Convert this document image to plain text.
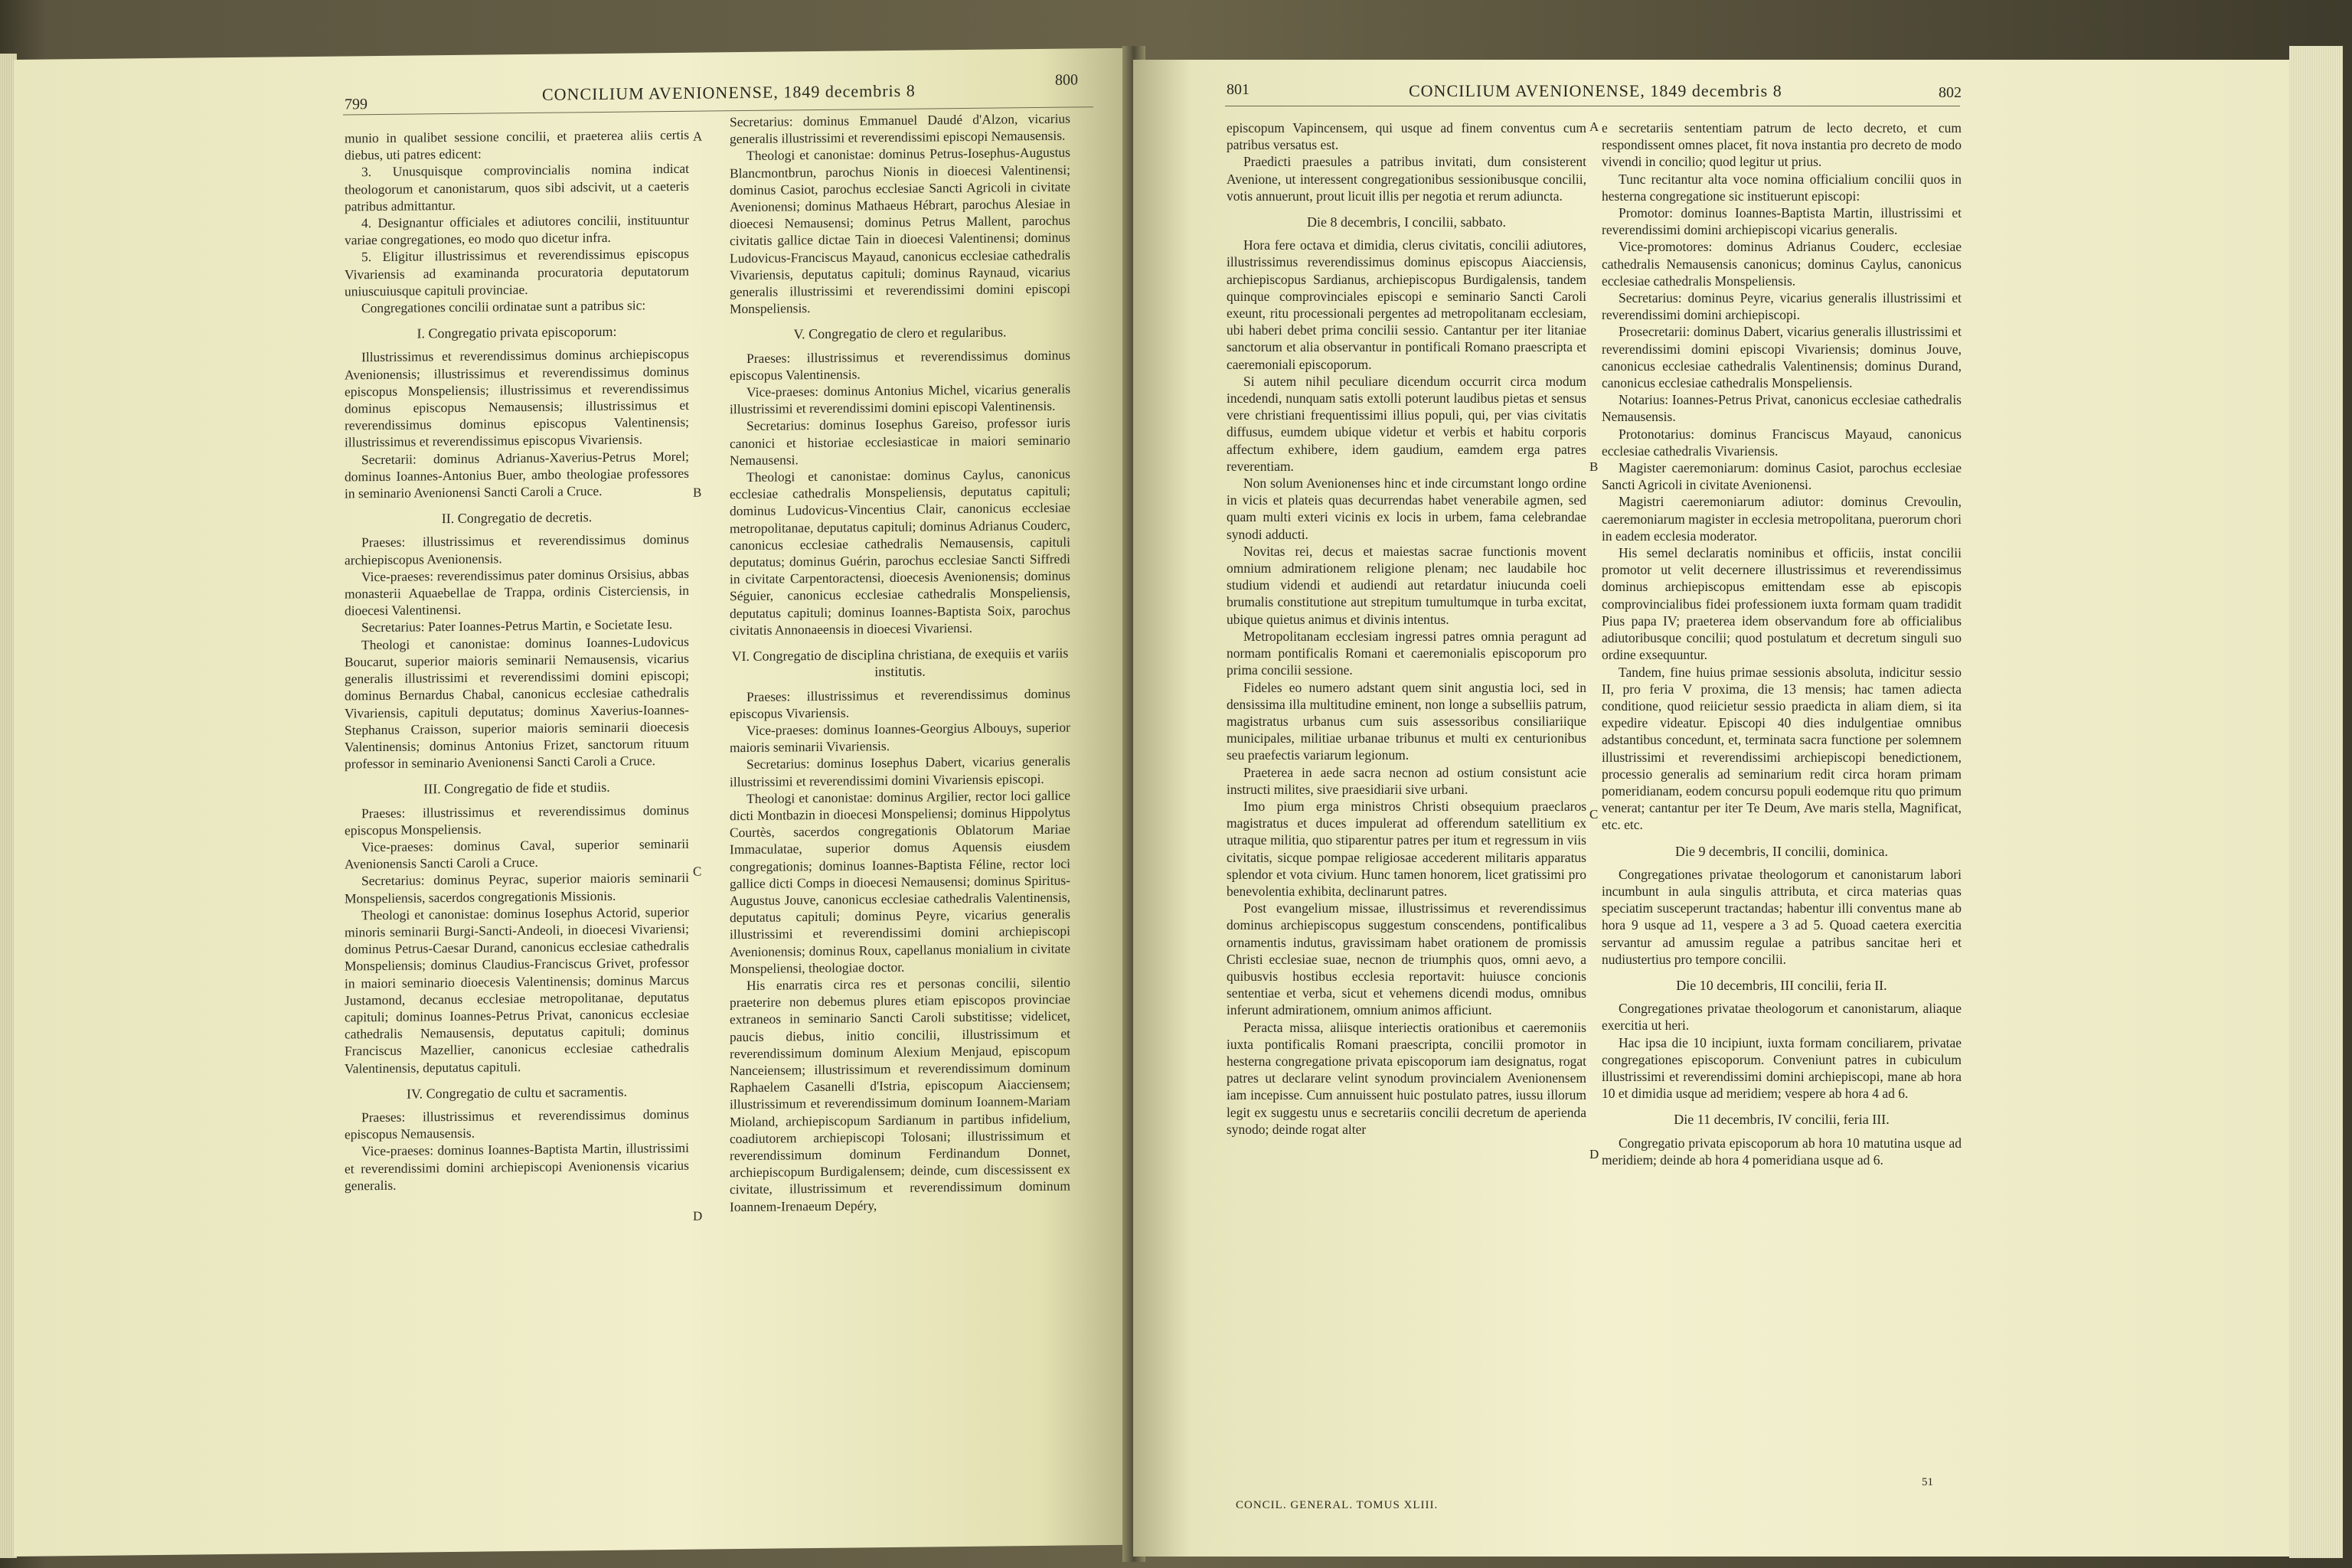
799
CONCILIUM AVENIONENSE, 1849 decembris 8
800

munio in qualibet sessione concilii, et praeterea aliis certis diebus, uti patres edicent:

3. Unusquisque comprovincialis nomina indicat theologorum et canonistarum, quos sibi adscivit, ut a caeteris patribus admittantur.

4. Designantur officiales et adiutores concilii, instituuntur variae congregationes, eo modo quo dicetur infra.

5. Eligitur illustrissimus et reverendissimus episcopus Vivariensis ad examinanda procuratoria deputatorum uniuscuiusque capituli provinciae.

Congregationes concilii ordinatae sunt a patribus sic:

I. Congregatio privata episcoporum:

Illustrissimus et reverendissimus dominus archiepiscopus Avenionensis; illustrissimus et reverendissimus dominus episcopus Monspeliensis; illustrissimus et reverendissimus dominus episcopus Nemausensis; illustrissimus et reverendissimus dominus episcopus Valentinensis; illustrissimus et reverendissimus episcopus Vivariensis.

Secretarii: dominus Adrianus-Xaverius-Petrus Morel; dominus Ioannes-Antonius Buer, ambo theologiae professores in seminario Avenionensi Sancti Caroli a Cruce.

II. Congregatio de decretis.

Praeses: illustrissimus et reverendissimus dominus archiepiscopus Avenionensis.

Vice-praeses: reverendissimus pater dominus Orsisius, abbas monasterii Aquaebellae de Trappa, ordinis Cisterciensis, in dioecesi Valentinensi.

Secretarius: Pater Ioannes-Petrus Martin, e Societate Iesu.

Theologi et canonistae: dominus Ioannes-Ludovicus Boucarut, superior maioris seminarii Nemausensis, vicarius generalis illustrissimi et reverendissimi domini episcopi; dominus Bernardus Chabal, canonicus ecclesiae cathedralis Vivariensis, capituli deputatus; dominus Xaverius-Ioannes-Stephanus Craisson, superior maioris seminarii dioecesis Valentinensis; dominus Antonius Frizet, sanctorum rituum professor in seminario Avenionensi Sancti Caroli a Cruce.

III. Congregatio de fide et studiis.

Praeses: illustrissimus et reverendissimus dominus episcopus Monspeliensis.

Vice-praeses: dominus Caval, superior seminarii Avenionensis Sancti Caroli a Cruce.

Secretarius: dominus Peyrac, superior maioris seminarii Monspeliensis, sacerdos congregationis Missionis.

Theologi et canonistae: dominus Iosephus Actorid, superior minoris seminarii Burgi-Sancti-Andeoli, in dioecesi Vivariensi; dominus Petrus-Caesar Durand, canonicus ecclesiae cathedralis Monspeliensis; dominus Claudius-Franciscus Grivet, professor in maiori seminario dioecesis Valentinensis; dominus Marcus Justamond, decanus ecclesiae metropolitanae, deputatus capituli; dominus Ioannes-Petrus Privat, canonicus ecclesiae cathedralis Nemausensis, deputatus capituli; dominus Franciscus Mazellier, canonicus ecclesiae cathedralis Valentinensis, deputatus capituli.

IV. Congregatio de cultu et sacramentis.

Praeses: illustrissimus et reverendissimus dominus episcopus Nemausensis.

Vice-praeses: dominus Ioannes-Baptista Martin, illustrissimi et reverendissimi domini archiepiscopi Avenionensis vicarius generalis.

Secretarius: dominus Emmanuel Daudé d'Alzon, vicarius generalis illustrissimi et reverendissimi episcopi Nemausensis.

Theologi et canonistae: dominus Petrus-Iosephus-Augustus Blancmontbrun, parochus Nionis in dioecesi Valentinensi; dominus Casiot, parochus ecclesiae Sancti Agricoli in civitate Avenionensi; dominus Mathaeus Hébrart, parochus Alesiae in dioecesi Nemausensi; dominus Petrus Mallent, parochus civitatis gallice dictae Tain in dioecesi Valentinensi; dominus Ludovicus-Franciscus Mayaud, canonicus ecclesiae cathedralis Vivariensis, deputatus capituli; dominus Raynaud, vicarius generalis illustrissimi et reverendissimi domini episcopi Monspeliensis.

V. Congregatio de clero et regularibus.

Praeses: illustrissimus et reverendissimus dominus episcopus Valentinensis.

Vice-praeses: dominus Antonius Michel, vicarius generalis illustrissimi et reverendissimi domini episcopi Valentinensis.

Secretarius: dominus Iosephus Gareiso, professor iuris canonici et historiae ecclesiasticae in maiori seminario Nemausensi.

Theologi et canonistae: dominus Caylus, canonicus ecclesiae cathedralis Monspeliensis, deputatus capituli; dominus Ludovicus-Vincentius Clair, canonicus ecclesiae metropolitanae, deputatus capituli; dominus Adrianus Couderc, canonicus ecclesiae cathedralis Nemausensis, capituli deputatus; dominus Guérin, parochus ecclesiae Sancti Siffredi in civitate Carpentoractensi, dioecesis Avenionensis; dominus Séguier, canonicus ecclesiae cathedralis Monspeliensis, deputatus capituli; dominus Ioannes-Baptista Soix, parochus civitatis Annonaeensis in dioecesi Vivariensi.

VI. Congregatio de disciplina christiana, de exequiis et variis institutis.

Praeses: illustrissimus et reverendissimus dominus episcopus Vivariensis.

Vice-praeses: dominus Ioannes-Georgius Albouys, superior maioris seminarii Vivariensis.

Secretarius: dominus Iosephus Dabert, vicarius generalis illustrissimi et reverendissimi domini Vivariensis episcopi.

Theologi et canonistae: dominus Argilier, rector loci gallice dicti Montbazin in dioecesi Monspeliensi; dominus Hippolytus Courtès, sacerdos congregationis Oblatorum Mariae Immaculatae, superior domus Aquensis eiusdem congregationis; dominus Ioannes-Baptista Féline, rector loci gallice dicti Comps in dioecesi Nemausensi; dominus Spiritus-Augustus Jouve, canonicus ecclesiae cathedralis Valentinensis, deputatus capituli; dominus Peyre, vicarius generalis illustrissimi et reverendissimi domini archiepiscopi Avenionensis; dominus Roux, capellanus monialium in civitate Monspeliensi, theologiae doctor.

His enarratis circa res et personas concilii, silentio praeterire non debemus plures etiam episcopos provinciae extraneos in seminario Sancti Caroli substitisse; videlicet, paucis diebus, initio concilii, illustrissimum et reverendissimum dominum Alexium Menjaud, episcopum Nanceiensem; illustrissimum et reverendissimum dominum Raphaelem Casanelli d'Istria, episcopum Aiacciensem; illustrissimum et reverendissimum dominum Ioannem-Mariam Mioland, archiepiscopum Sardianum in partibus infidelium, coadiutorem archiepiscopi Tolosani; illustrissimum et reverendissimum dominum Ferdinandum Donnet, archiepiscopum Burdigalensem; deinde, cum discessissent ex civitate, illustrissimum et reverendissimum dominum Ioannem-Irenaeum Depéry,

A
B
C
D
801	CONCILIUM AVENIONENSE, 1849 decembris 8	802

episcopum Vapincensem, qui usque ad finem conventus cum patribus versatus est.

Praedicti praesules a patribus invitati, dum consisterent Avenione, ut interessent congregationibus sessionibusque concilii, votis annuerunt, prout licuit illis per negotia et rerum adiuncta.

Die 8 decembris, I concilii, sabbato.

Hora fere octava et dimidia, clerus civitatis, concilii adiutores, illustrissimus reverendissimus dominus episcopus Aiacciensis, archiepiscopus Sardianus, archiepiscopus Burdigalensis, tandem quinque comprovinciales episcopi e seminario Sancti Caroli exeunt, ritu processionali pergentes ad metropolitanam ecclesiam, ubi haberi debet prima concilii sessio. Cantantur per iter litaniae sanctorum et alia observantur in pontificali Romano praescripta et caeremoniali episcoporum.

Si autem nihil peculiare dicendum occurrit circa modum incedendi, nunquam satis extolli poterunt laudibus pietas et sensus vere christiani frequentissimi illius populi, qui, per vias civitatis diffusus, eumdem ubique videtur et verbis et habitu corporis affectum exhibere, idem gaudium, eamdem erga patres reverentiam.

Non solum Avenionenses hinc et inde circumstant longo ordine in vicis et plateis quas decurrendas habet venerabile agmen, sed quam multi exteri vicinis ex locis in urbem, fama celebrandae synodi adducti.

Novitas rei, decus et maiestas sacrae functionis movent omnium admirationem religione plenam; nec laudabile hoc studium videndi et audiendi aut retardatur iniucunda coeli brumalis constitutione aut strepitum tumultumque in turba excitat, ubique quietus animus et divinis intentus.

Metropolitanam ecclesiam ingressi patres omnia peragunt ad normam pontificalis Romani et caeremonialis episcoporum pro prima concilii sessione.

Fideles eo numero adstant quem sinit angustia loci, sed in densissima illa multitudine eminent, non longe a subselliis patrum, magistratus urbanus cum suis assessoribus consiliariique municipales, militiae urbanae tribunus et multi ex centurionibus seu praefectis variarum legionum.

Praeterea in aede sacra necnon ad ostium consistunt acie instructi milites, sive praesidiarii sive urbani.

Imo pium erga ministros Christi obsequium praeclaros magistratus et duces impulerat ad offerendum satellitium ex utraque militia, quo stiparentur patres per itum et regressum in viis civitatis, sicque pompae religiosae accederent militaris apparatus splendor et vota civium. Hunc tamen honorem, licet gratissimi pro benevolentia exhibita, declinarunt patres.

Post evangelium missae, illustrissimus et reverendissimus dominus archiepiscopus suggestum conscendens, pontificalibus ornamentis indutus, gravissimam habet orationem de promissis Christi ecclesiae suae, necnon de triumphis quos, omni aevo, a quibusvis hostibus ecclesia reportavit: huiusce concionis sententiae et verba, sicut et vehemens dicendi modus, omnibus inferunt admirationem, omnium animos afficiunt.

Peracta missa, aliisque interiectis orationibus et caeremoniis iuxta pontificalis Romani praescripta, concilii promotor in hesterna congregatione privata episcoporum iam designatus, rogat patres ut declarare velint synodum provincialem Avenionensem iam incepisse. Cum annuissent huic postulato patres, iussu illorum legit ex suggestu unus e secretariis concilii decretum de aperienda synodo; deinde rogat alter

e secretariis sententiam patrum de lecto decreto, et cum respondissent omnes placet, fit nova instantia pro decreto de modo vivendi in concilio; quod legitur ut prius.

Tunc recitantur alta voce nomina officialium concilii quos in hesterna congregatione sic instituerunt episcopi:

Promotor: dominus Ioannes-Baptista Martin, illustrissimi et reverendissimi domini archiepiscopi vicarius generalis.

Vice-promotores: dominus Adrianus Couderc, ecclesiae cathedralis Nemausensis canonicus; dominus Caylus, canonicus ecclesiae cathedralis Monspeliensis.

Secretarius: dominus Peyre, vicarius generalis illustrissimi et reverendissimi domini archiepiscopi.

Prosecretarii: dominus Dabert, vicarius generalis illustrissimi et reverendissimi domini episcopi Vivariensis; dominus Jouve, canonicus ecclesiae cathedralis Valentinensis; dominus Durand, canonicus ecclesiae cathedralis Monspeliensis.

Notarius: Ioannes-Petrus Privat, canonicus ecclesiae cathedralis Nemausensis.

Protonotarius: dominus Franciscus Mayaud, canonicus ecclesiae cathedralis Vivariensis.

Magister caeremoniarum: dominus Casiot, parochus ecclesiae Sancti Agricoli in civitate Avenionensi.

Magistri caeremoniarum adiutor: dominus Crevoulin, caeremoniarum magister in ecclesia metropolitana, puerorum chori in eadem ecclesia moderator.

His semel declaratis nominibus et officiis, instat concilii promotor ut velit decernere illustrissimus et reverendissimus dominus archiepiscopus emittendam esse ab episcopis comprovincialibus fidei professionem iuxta formam quam tradidit Pius papa IV; praeterea idem observandum fore ab officialibus adiutoribusque concilii; quod postulatum et decretum singuli suo ordine exsequuntur.

Tandem, fine huius primae sessionis absoluta, indicitur sessio II, pro feria V proxima, die 13 mensis; hac tamen adiecta conditione, quod reiicietur sessio praedicta in aliam diem, si ita expedire videatur. Episcopi 40 dies indulgentiae omnibus adstantibus concedunt, et, terminata sacra functione per solemnem illustrissimi et reverendissimi archiepiscopi benedictionem, processio generalis ad seminarium redit circa horam primam pomeridianam, eodem concursu populi eodemque ritu quo primum venerat; cantantur per iter Te Deum, Ave maris stella, Magnificat, etc. etc.

Die 9 decembris, II concilii, dominica.

Congregationes privatae theologorum et canonistarum labori incumbunt in aula singulis attributa, et circa materias quas speciatim susceperunt tractandas; habentur illi conventus mane ab hora 9 usque ad 11, vespere a 3 ad 5. Quoad caetera exercitia servantur ad amussim regulae a patribus sancitae heri et nudiustertius pro tempore concilii.

Die 10 decembris, III concilii, feria II.

Congregationes privatae theologorum et canonistarum, aliaque exercitia ut heri.

Hac ipsa die 10 incipiunt, iuxta formam conciliarem, privatae congregationes episcoporum. Conveniunt patres in cubiculum illustrissimi et reverendissimi domini archiepiscopi, mane ab hora 10 et dimidia usque ad meridiem; vespere ab hora 4 ad 6.

Die 11 decembris, IV concilii, feria III.

Congregatio privata episcoporum ab hora 10 matutina usque ad meridiem; deinde ab hora 4 pomeridiana usque ad 6.

A
B
C
D
CONCIL. GENERAL. TOMUS XLIII.
51
